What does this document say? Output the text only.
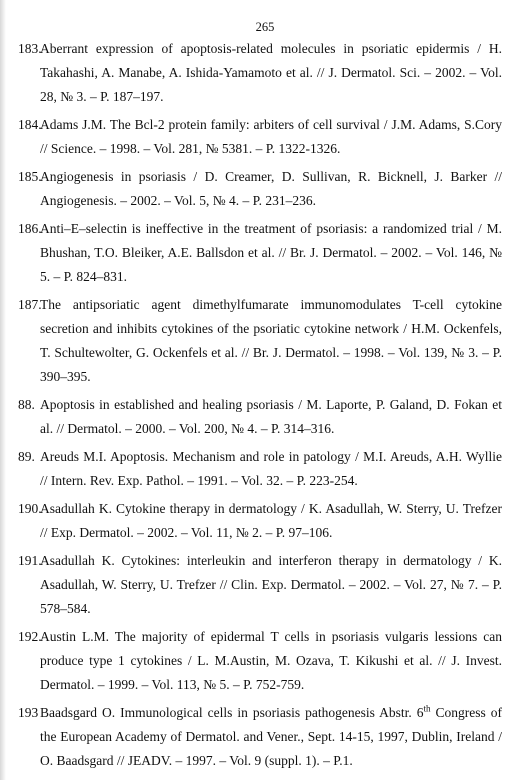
265
183.

Aberrant expression of apoptosis-related molecules in psoriatic epidermis / H. Takahashi, A. Manabe, A. Ishida-Yamamoto et al. // J. Dermatol. Sci. – 2002. – Vol. 28, № 3. – P. 187–197.

184.

Adams J.M. The Bcl-2 protein family: arbiters of cell survival / J.M. Adams, S.Cory // Science. – 1998. – Vol. 281, № 5381. – P. 1322-1326.

185.

Angiogenesis in psoriasis / D. Creamer, D. Sullivan, R. Bicknell, J. Barker // Angiogenesis. – 2002. – Vol. 5, № 4. – P. 231–236.

186.

Anti–E–selectin is ineffective in the treatment of psoriasis: a randomized trial / M. Bhushan, T.O. Bleiker, A.E. Ballsdon et al. // Br. J. Dermatol. – 2002. – Vol. 146, № 5. – P. 824–831.

187.

The antipsoriatic agent dimethylfumarate immunomodulates T-cell cytokine secretion and inhibits cytokines of the psoriatic cytokine network / H.M. Ockenfels, T. Schultewolter, G. Ockenfels et al. // Br. J. Dermatol. – 1998. – Vol. 139, № 3. – P. 390–395.

88. Apoptosis in established and healing psoriasis / M. Laporte, P. Galand, D. Fokan et al. // Dermatol. – 2000. – Vol. 200, № 4. – P. 314–316.

89. Areuds M.I. Apoptosis. Mechanism and role in patology / M.I. Areuds, A.H. Wyllie // Intern. Rev. Exp. Pathol. – 1991. – Vol. 32. – P. 223-254.

190.

Asadullah K. Cytokine therapy in dermatology / K. Asadullah, W. Sterry, U. Trefzer // Exp. Dermatol. – 2002. – Vol. 11, № 2. – P. 97–106.

191.

Asadullah K. Cytokines: interleukin and interferon therapy in dermatology / K. Asadullah, W. Sterry, U. Trefzer // Clin. Exp. Dermatol. – 2002. – Vol. 27, № 7. – P. 578–584.

192.

Austin L.M. The majority of epidermal T cells in psoriasis vulgaris lessions can produce type 1 cytokines / L. M.Austin, M. Ozava, T. Kikushi et al. // J. Invest. Dermatol. – 1999. – Vol. 113, № 5. – P. 752-759.

193 Baadsgard O. Immunological cells in psoriasis pathogenesis Abstr. 6th Congress of the European Academy of Dermatol. and Vener., Sept. 14-15, 1997, Dublin, Ireland / O. Baadsgard // JEADV. – 1997. – Vol. 9 (suppl. 1). – P.1.
